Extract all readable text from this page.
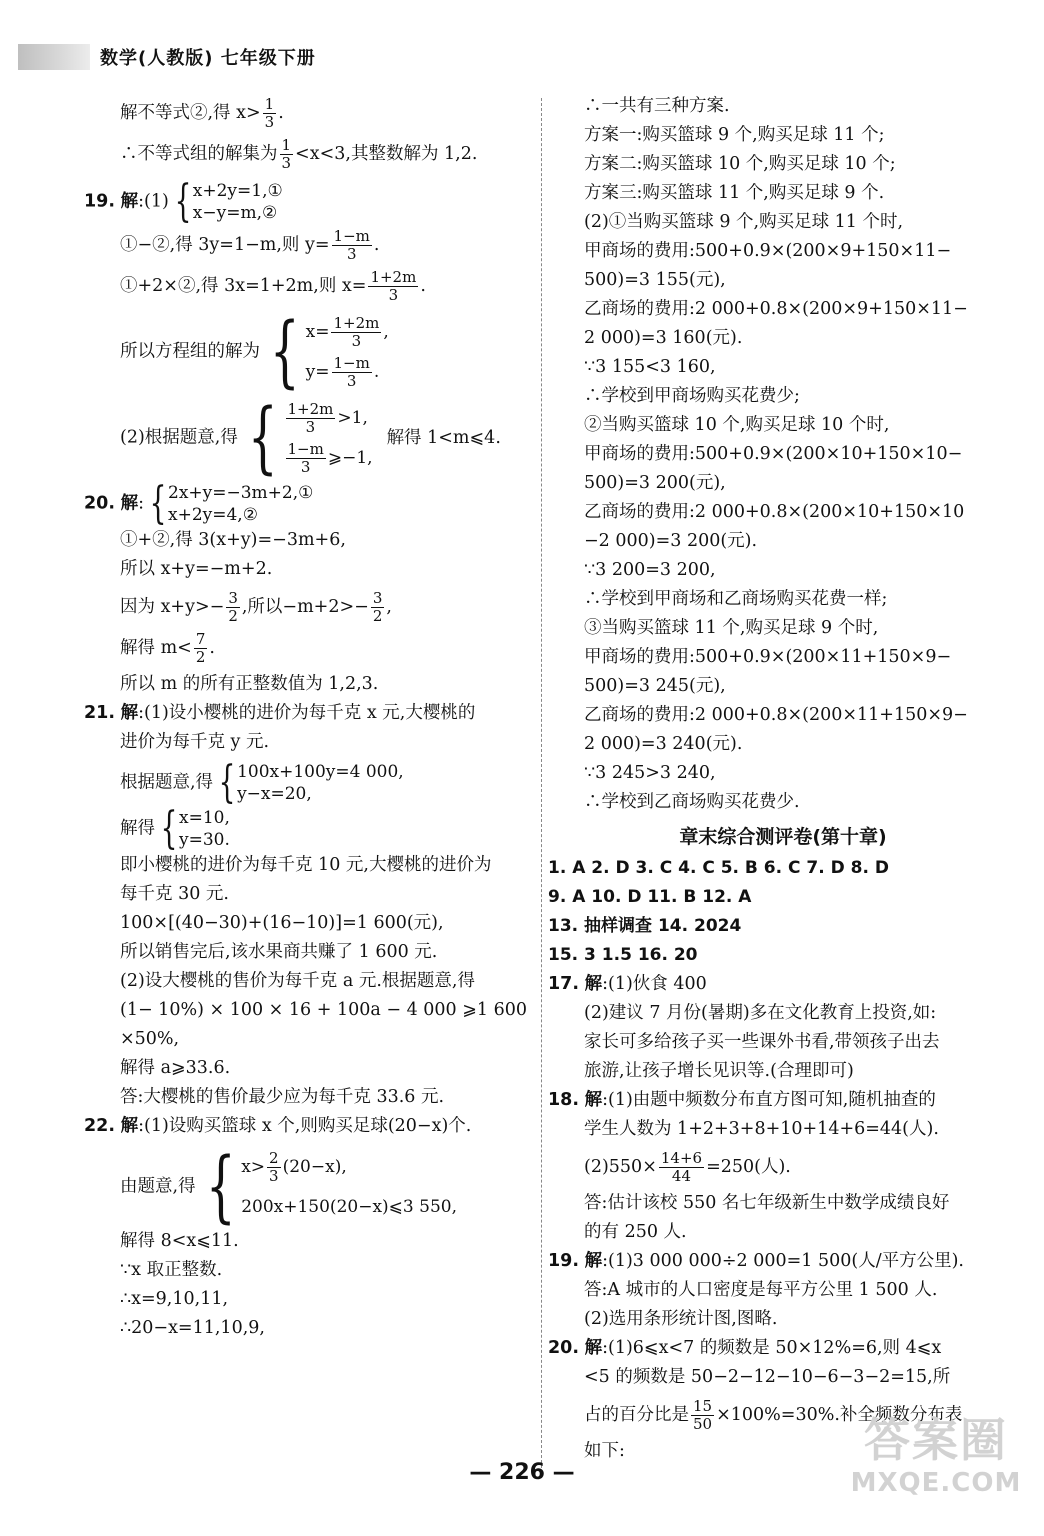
数学(人教版) 七年级下册
解不等式②,得 $x> \frac{1}{3}$ .
∴不等式组的解集为 $\frac{1}{3} <x<3$,其整数解为 1,2.
19. 解:(1) { x+2y=1,①
x−y=m,②
①−②,得 3y=1−m,则 $y= \frac{1-m}{3}$ .
①+2×②,得 3x=1+2m,则 $x= \frac{1+2m}{3}$ .
所以方程组的解为 { $x= \frac{1+2m}{3}$ ,
$y= \frac{1-m}{3}$ .
(2)根据题意,得 { $\frac{1+2m}{3} >1$,
$\frac{1-m}{3}$ ⩾−1,
解得 1<m⩽4.
20. 解: { 2x+y=−3m+2,①
x+2y=4,②
①+②,得 3(x+y)=−3m+6,
所以 x+y=−m+2.
因为 $x+y>- \frac{3}{2}$ ,所以$-m+2>- \frac{3}{2}$ ,
解得 $m< \frac{7}{2}$ .
所以 m 的所有正整数值为 1,2,3.
21. 解:(1)设小樱桃的进价为每千克 x 元,大樱桃的
进价为每千克 y 元.
根据题意,得 { 100x+100y=4 000,
y−x=20,
解得 { x=10,
y=30.
即小樱桃的进价为每千克 10 元,大樱桃的进价为
每千克 30 元.
100×[(40−30)+(16−10)]=1 600(元),
所以销售完后,该水果商共赚了 1 600 元.
(2)设大樱桃的售价为每千克 a 元.根据题意,得
(1− 10%) × 100 × 16 + 100a − 4 000 ⩾1 600
×50%,
解得 a⩾33.6.
答:大樱桃的售价最少应为每千克 33.6 元.
22. 解:(1)设购买篮球 x 个,则购买足球(20−x)个.
由题意,得 { $x> \frac{2}{3} (20-x)$,
200x+150(20−x)⩽3 550,
解得 8<x⩽11.
∵x 取正整数.
∴x=9,10,11,
∴20−x=11,10,9,
∴一共有三种方案.
方案一:购买篮球 9 个,购买足球 11 个;
方案二:购买篮球 10 个,购买足球 10 个;
方案三:购买篮球 11 个,购买足球 9 个.
(2)①当购买篮球 9 个,购买足球 11 个时,
甲商场的费用:500+0.9×(200×9+150×11−
500)=3 155(元),
乙商场的费用:2 000+0.8×(200×9+150×11−
2 000)=3 160(元).
∵3 155<3 160,
∴学校到甲商场购买花费少;
②当购买篮球 10 个,购买足球 10 个时,
甲商场的费用:500+0.9×(200×10+150×10−
500)=3 200(元),
乙商场的费用:2 000+0.8×(200×10+150×10
−2 000)=3 200(元).
∵3 200=3 200,
∴学校到甲商场和乙商场购买花费一样;
③当购买篮球 11 个,购买足球 9 个时,
甲商场的费用:500+0.9×(200×11+150×9−
500)=3 245(元),
乙商场的费用:2 000+0.8×(200×11+150×9−
2 000)=3 240(元).
∵3 245>3 240,
∴学校到乙商场购买花费少.
章末综合测评卷(第十章)
1. A 2. D 3. C 4. C 5. B 6. C 7. D 8. D
9. A 10. D 11. B 12. A
13. 抽样调查 14. 2024
15. 3 1.5 16. 20
17. 解:(1)伙食 400
(2)建议 7 月份(暑期)多在文化教育上投资,如:
家长可多给孩子买一些课外书看,带领孩子出去
旅游,让孩子增长见识等.(合理即可)
18. 解:(1)由题中频数分布直方图可知,随机抽查的
学生人数为 1+2+3+8+10+14+6=44(人).
$(2)550\times \frac{14+6}{44} =250$(人).
答:估计该校 550 名七年级新生中数学成绩良好
的有 250 人.
19. 解:(1)3 000 000÷2 000=1 500(人/平方公里).
答:A 城市的人口密度是每平方公里 1 500 人.
(2)选用条形统计图,图略.
20. 解:(1)6⩽x<7 的频数是 50×12%=6,则 4⩽x
<5 的频数是 50−2−12−10−6−3−2=15,所
占的百分比是 $\frac{15}{50} \times 100\%=30\%$.补全频数分布表
如下:
— 226 —
答案圈
MXQE.COM
